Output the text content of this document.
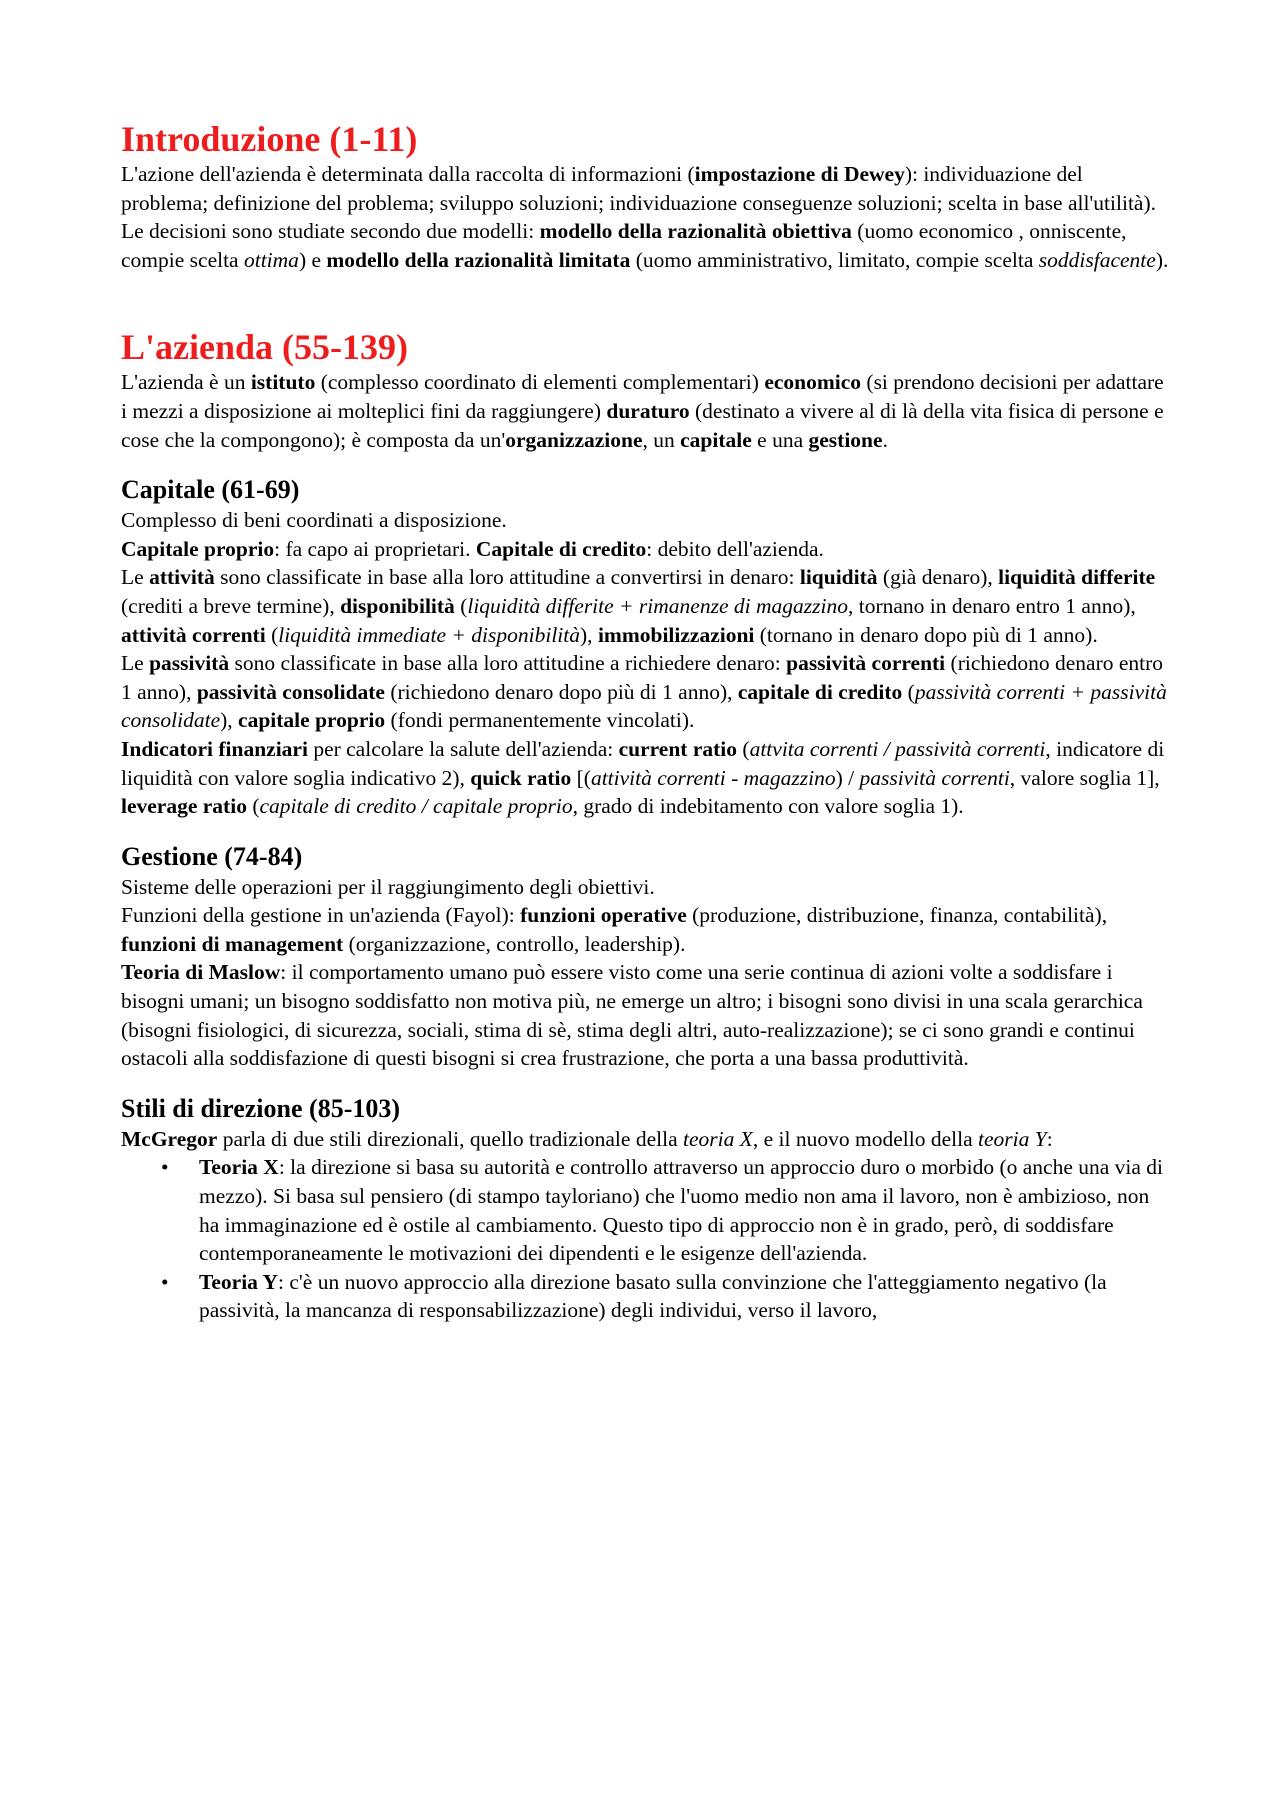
Introduzione (1-11)

L'azione dell'azienda è determinata dalla raccolta di informazioni (impostazione di Dewey): individuazione del problema; definizione del problema; sviluppo soluzioni; individuazione conseguenze soluzioni; scelta in base all'utilità).

Le decisioni sono studiate secondo due modelli: modello della razionalità obiettiva (uomo economico , onniscente, compie scelta ottima) e modello della razionalità limitata (uomo amministrativo, limitato, compie scelta soddisfacente).

L'azienda (55-139)

L'azienda è un istituto (complesso coordinato di elementi complementari) economico (si prendono decisioni per adattare i mezzi a disposizione ai molteplici fini da raggiungere) duraturo (destinato a vivere al di là della vita fisica di persone e cose che la compongono); è composta da un'organizzazione, un capitale e una gestione.

Capitale (61-69)

Complesso di beni coordinati a disposizione.

Capitale proprio: fa capo ai proprietari. Capitale di credito: debito dell'azienda.

Le attività sono classificate in base alla loro attitudine a convertirsi in denaro: liquidità (già denaro), liquidità differite (crediti a breve termine), disponibilità (liquidità differite + rimanenze di magazzino, tornano in denaro entro 1 anno), attività correnti (liquidità immediate + disponibilità), immobilizzazioni (tornano in denaro dopo più di 1 anno).

Le passività sono classificate in base alla loro attitudine a richiedere denaro: passività correnti (richiedono denaro entro 1 anno), passività consolidate (richiedono denaro dopo più di 1 anno), capitale di credito (passività correnti + passività consolidate), capitale proprio (fondi permanentemente vincolati).

Indicatori finanziari per calcolare la salute dell'azienda: current ratio (attvita correnti / passività correnti, indicatore di liquidità con valore soglia indicativo 2), quick ratio [(attività correnti - magazzino) / passività correnti, valore soglia 1], leverage ratio (capitale di credito / capitale proprio, grado di indebitamento con valore soglia 1).

Gestione (74-84)

Sisteme delle operazioni per il raggiungimento degli obiettivi.

Funzioni della gestione in un'azienda (Fayol): funzioni operative (produzione, distribuzione, finanza, contabilità), funzioni di management (organizzazione, controllo, leadership).

Teoria di Maslow: il comportamento umano può essere visto come una serie continua di azioni volte a soddisfare i bisogni umani; un bisogno soddisfatto non motiva più, ne emerge un altro; i bisogni sono divisi in una scala gerarchica (bisogni fisiologici, di sicurezza, sociali, stima di sè, stima degli altri, auto-realizzazione); se ci sono grandi e continui ostacoli alla soddisfazione di questi bisogni si crea frustrazione, che porta a una bassa produttività.

Stili di direzione (85-103)

McGregor parla di due stili direzionali, quello tradizionale della teoria X, e il nuovo modello della teoria Y:

• Teoria X: la direzione si basa su autorità e controllo attraverso un approccio duro o morbido (o anche una via di mezzo). Si basa sul pensiero (di stampo tayloriano) che l'uomo medio non ama il lavoro, non è ambizioso, non ha immaginazione ed è ostile al cambiamento. Questo tipo di approccio non è in grado, però, di soddisfare contemporaneamente le motivazioni dei dipendenti e le esigenze dell'azienda.
• Teoria Y: c'è un nuovo approccio alla direzione basato sulla convinzione che l'atteggiamento negativo (la passività, la mancanza di responsabilizzazione) degli individui, verso il lavoro,
